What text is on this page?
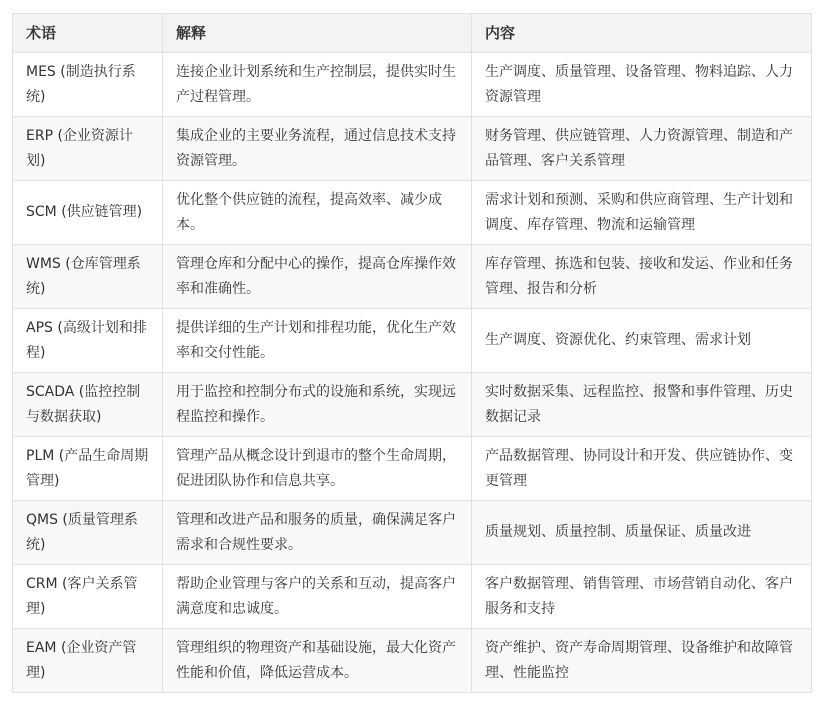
术语	解释	内容
MES (制造执行系统)	连接企业计划系统和生产控制层，提供实时生产过程管理。	生产调度、质量管理、设备管理、物料追踪、人力资源管理
ERP (企业资源计划)	集成企业的主要业务流程，通过信息技术支持资源管理。	财务管理、供应链管理、人力资源管理、制造和产品管理、客户关系管理
SCM (供应链管理)	优化整个供应链的流程，提高效率、减少成本。	需求计划和预测、采购和供应商管理、生产计划和调度、库存管理、物流和运输管理
WMS (仓库管理系统)	管理仓库和分配中心的操作，提高仓库操作效率和准确性。	库存管理、拣选和包装、接收和发运、作业和任务管理、报告和分析
APS (高级计划和排程)	提供详细的生产计划和排程功能，优化生产效率和交付性能。	生产调度、资源优化、约束管理、需求计划
SCADA (监控控制与数据获取)	用于监控和控制分布式的设施和系统，实现远程监控和操作。	实时数据采集、远程监控、报警和事件管理、历史数据记录
PLM (产品生命周期管理)	管理产品从概念设计到退市的整个生命周期，促进团队协作和信息共享。	产品数据管理、协同设计和开发、供应链协作、变更管理
QMS (质量管理系统)	管理和改进产品和服务的质量，确保满足客户需求和合规性要求。	质量规划、质量控制、质量保证、质量改进
CRM (客户关系管理)	帮助企业管理与客户的关系和互动，提高客户满意度和忠诚度。	客户数据管理、销售管理、市场营销自动化、客户服务和支持
EAM (企业资产管理)	管理组织的物理资产和基础设施，最大化资产性能和价值，降低运营成本。	资产维护、资产寿命周期管理、设备维护和故障管理、性能监控
